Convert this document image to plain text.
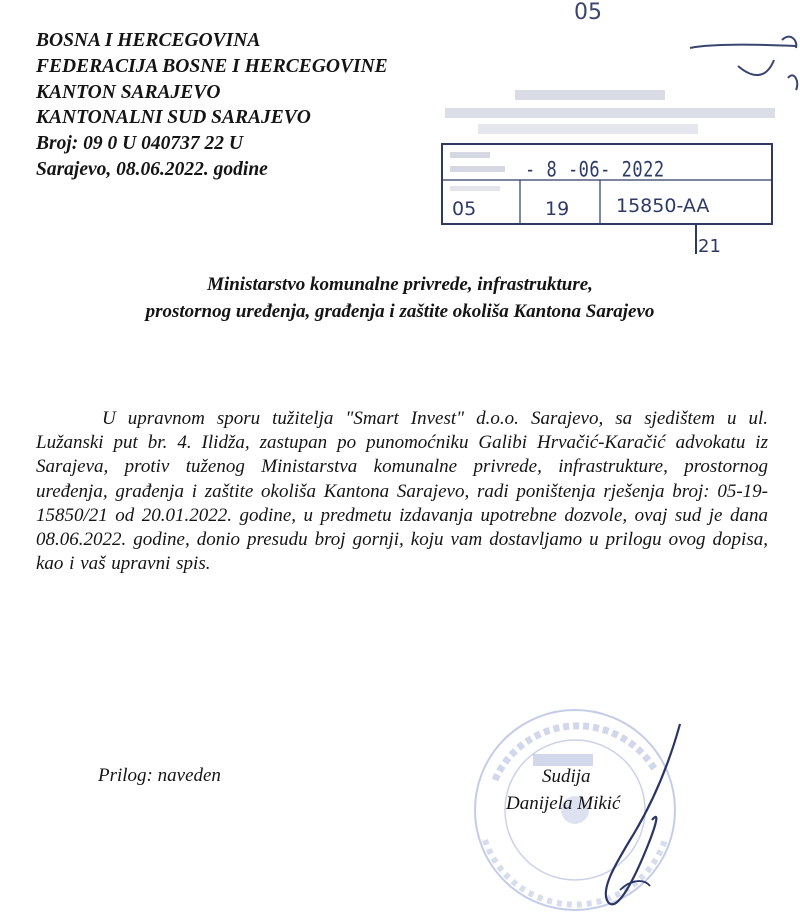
BOSNA I HERCEGOVINA
FEDERACIJA BOSNE I HERCEGOVINE
KANTON SARAJEVO
KANTONALNI SUD SARAJEVO
Broj: 09 0 U 040737 22 U
Sarajevo, 08.06.2022. godine
05
- 8 -06- 2022
05	19 15850-AA
21
Ministarstvo komunalne privrede, infrastrukture,
prostornog uređenja, građenja i zaštite okoliša Kantona Sarajevo
U upravnom sporu tužitelja "Smart Invest" d.o.o. Sarajevo, sa sjedištem u ul. Lužanski put br. 4. Ilidža, zastupan po punomoćniku Galibi Hrvačić-Karačić advokatu iz Sarajeva, protiv tuženog Ministarstva komunalne privrede, infrastrukture, prostornog uređenja, građenja i zaštite okoliša Kantona Sarajevo, radi poništenja rješenja broj: 05-19-15850/21 od 20.01.2022. godine, u predmetu izdavanja upotrebne dozvole, ovaj sud je dana 08.06.2022. godine, donio presudu broj gornji, koju vam dostavljamo u prilogu ovog dopisa, kao i vaš upravni spis.
Prilog: naveden	Sudija
Danijela Mikić
